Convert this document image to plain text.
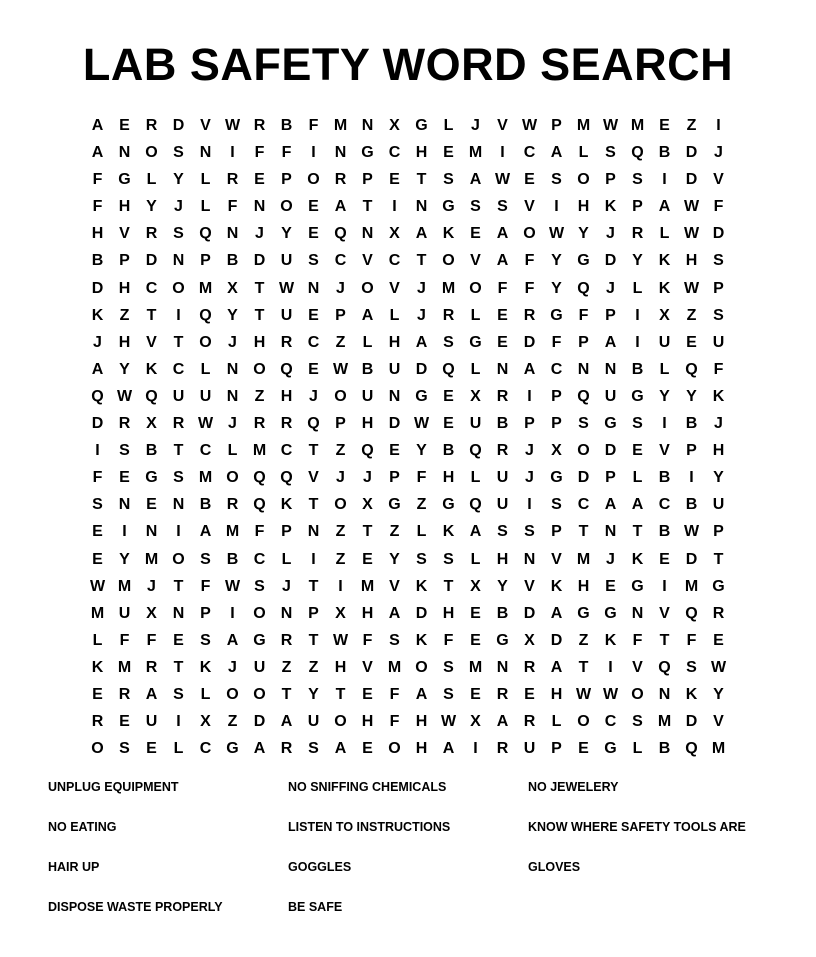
LAB SAFETY WORD SEARCH
A E R D V W R B	F M N X G L	J	V W P M W M E	Z	I
A N O S N	I	F	F	I	N G C H E M	I	C A	L	S Q B D	J
F G L	Y	L	R E	P O R P	E	T	S A W E	S O P	S	I	D V
F	H Y	J	L	F	N O E A	T	I	N G S	S	V	I	H K P A W F
H V R S Q N	J	Y	E Q N X A K E A O W Y	J	R	L W D
B P D N P B D U S C V C	T O V A	F	Y G D Y K H S
D H C O M X	T W N	J	O V	J M O F	F	Y Q	J	L	K W P
K	Z	T	I	Q Y	T	U E	P A	L	J	R	L	E R G F	P	I	X	Z	S
J	H V	T O	J	H R C	Z	L	H A S G E D	F	P A	I	U E U
A Y K C	L	N O Q E W B U D Q L	N A C N N B	L Q F
Q W Q U U N	Z	H	J	O U N G E	X R	I	P Q U G Y	Y K
D R X R W J	R R Q P H D W E U B P	P	S G S	I	B	J
I	S B	T	C	L M C	T	Z Q E	Y B Q R	J	X O D E	V	P H
F	E G S M O Q Q V	J	J	P	F	H	L	U	J	G D P	L	B	I	Y
S N E N B R Q K	T O X G Z G Q U	I	S C A A C B U
E	I	N	I	A M F	P N	Z	T	Z	L	K A S	S	P	T	N	T	B W P
E	Y M O S B C	L	I	Z	E	Y	S	S	L	H N V M J	K E D	T
W M J	T	F W S	J	T	I	M V K	T	X	Y	V K H E G	I	M G
M U X N P	I	O N P	X H A D H E B D A G G N V Q R
L	F	F	E	S A G R	T W F	S K	F	E G X D	Z	K	F	T	F	E
K M R	T	K	J	U	Z	Z	H V M O S M N R A	T	I	V Q S W
E R A S	L O O T	Y	T	E	F	A S	E R E H W W O N K Y
R E U	I	X	Z	D A U O H	F	H W X A R	L O C S M D V
O S	E	L	C G A R S A E O H A	I	R U P	E G L	B Q M
UNPLUG EQUIPMENT	NO SNIFFING CHEMICALS	NO JEWELERY
NO EATING	LISTEN TO INSTRUCTIONS	KNOW WHERE SAFETY TOOLS ARE
HAIR UP	GOGGLES	GLOVES
DISPOSE WASTE PROPERLY	BE SAFE
